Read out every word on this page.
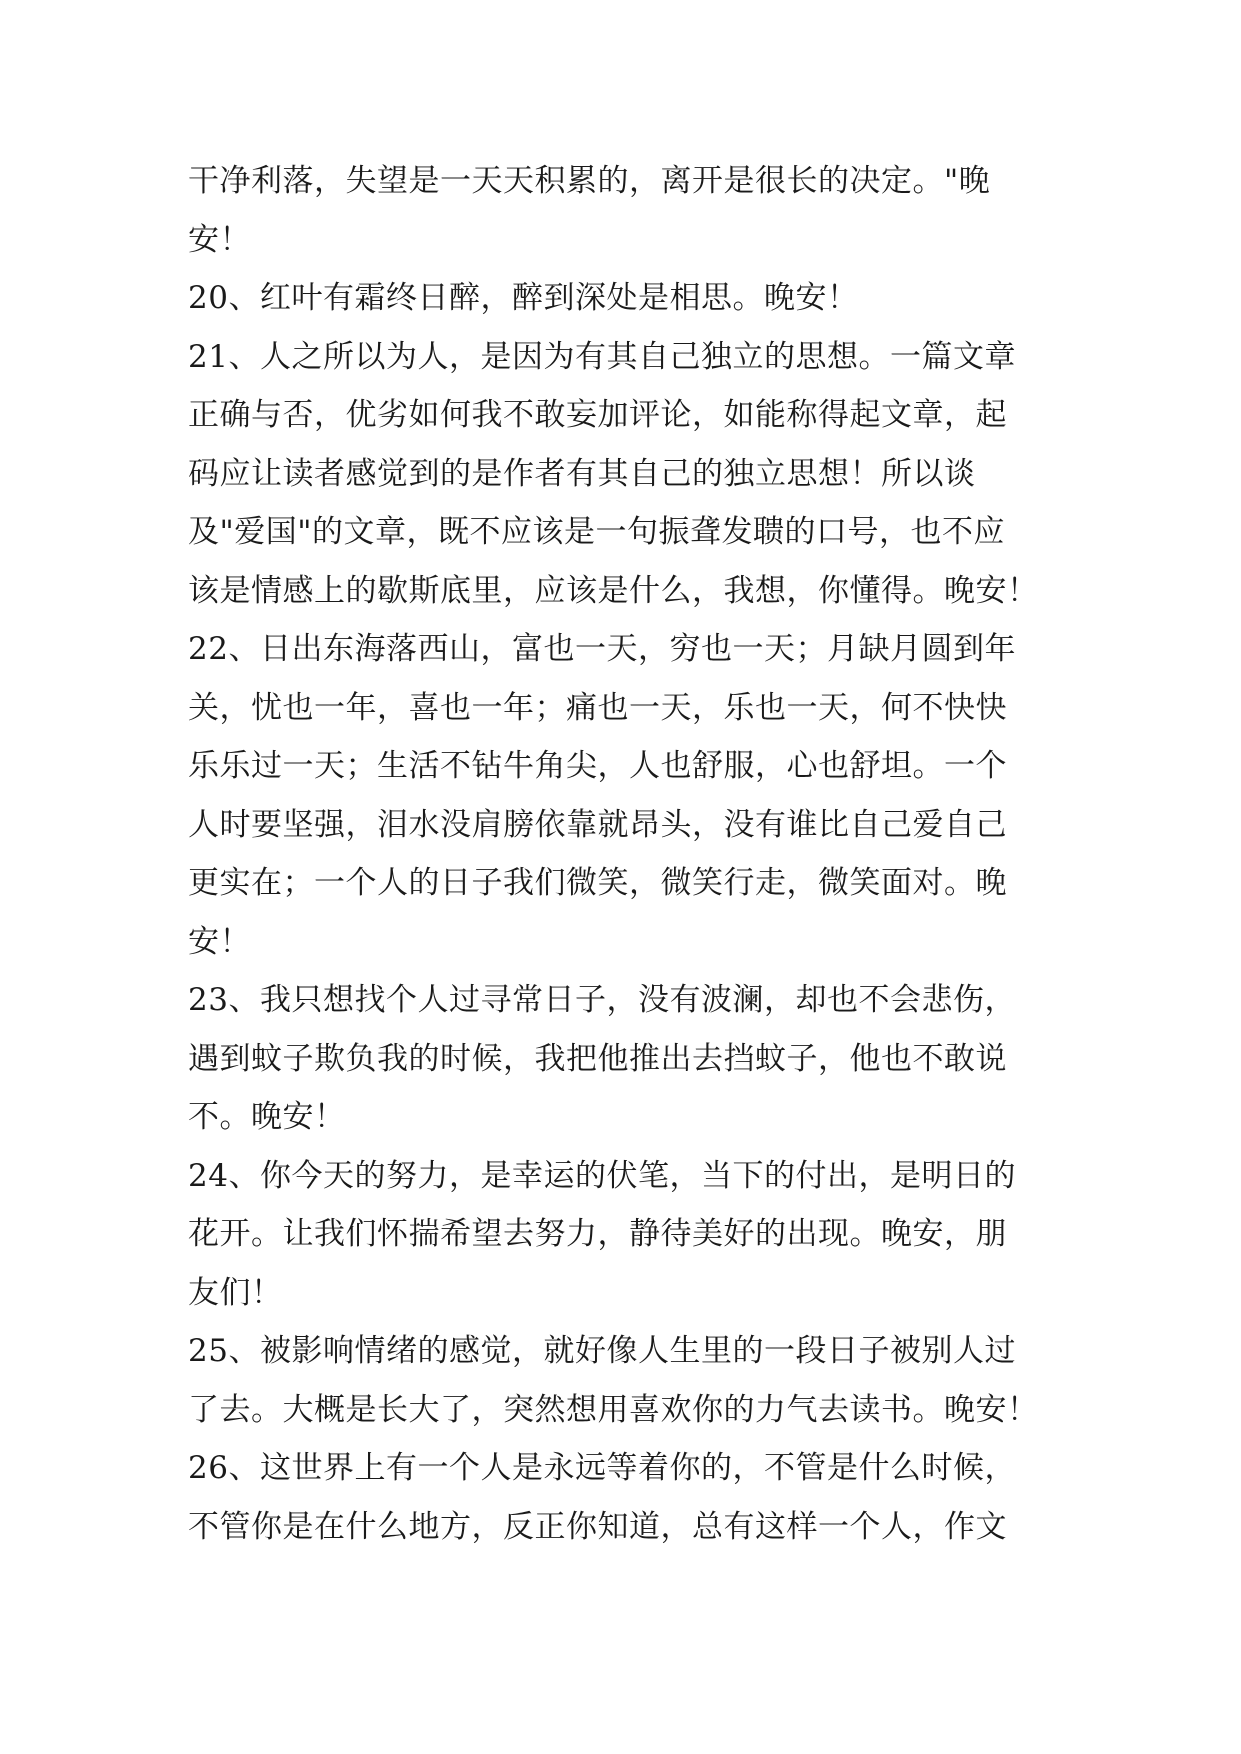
干净利落，失望是一天天积累的，离开是很长的决定。"晚
安！
20、红叶有霜终日醉，醉到深处是相思。晚安！
21、人之所以为人，是因为有其自己独立的思想。一篇文章
正确与否，优劣如何我不敢妄加评论，如能称得起文章，起
码应让读者感觉到的是作者有其自己的独立思想！所以谈
及"爱国"的文章，既不应该是一句振聋发聩的口号，也不应
该是情感上的歇斯底里，应该是什么，我想，你懂得。晚安！
22、日出东海落西山，富也一天，穷也一天；月缺月圆到年
关，忧也一年，喜也一年；痛也一天，乐也一天，何不快快
乐乐过一天；生活不钻牛角尖，人也舒服，心也舒坦。一个
人时要坚强，泪水没肩膀依靠就昂头，没有谁比自己爱自己
更实在；一个人的日子我们微笑，微笑行走，微笑面对。晚
安！
23、我只想找个人过寻常日子，没有波澜，却也不会悲伤，
遇到蚊子欺负我的时候，我把他推出去挡蚊子，他也不敢说
不。晚安！
24、你今天的努力，是幸运的伏笔，当下的付出，是明日的
花开。让我们怀揣希望去努力，静待美好的出现。晚安，朋
友们！
25、被影响情绪的感觉，就好像人生里的一段日子被别人过
了去。大概是长大了，突然想用喜欢你的力气去读书。晚安！
26、这世界上有一个人是永远等着你的，不管是什么时候，
不管你是在什么地方，反正你知道，总有这样一个人，作文
